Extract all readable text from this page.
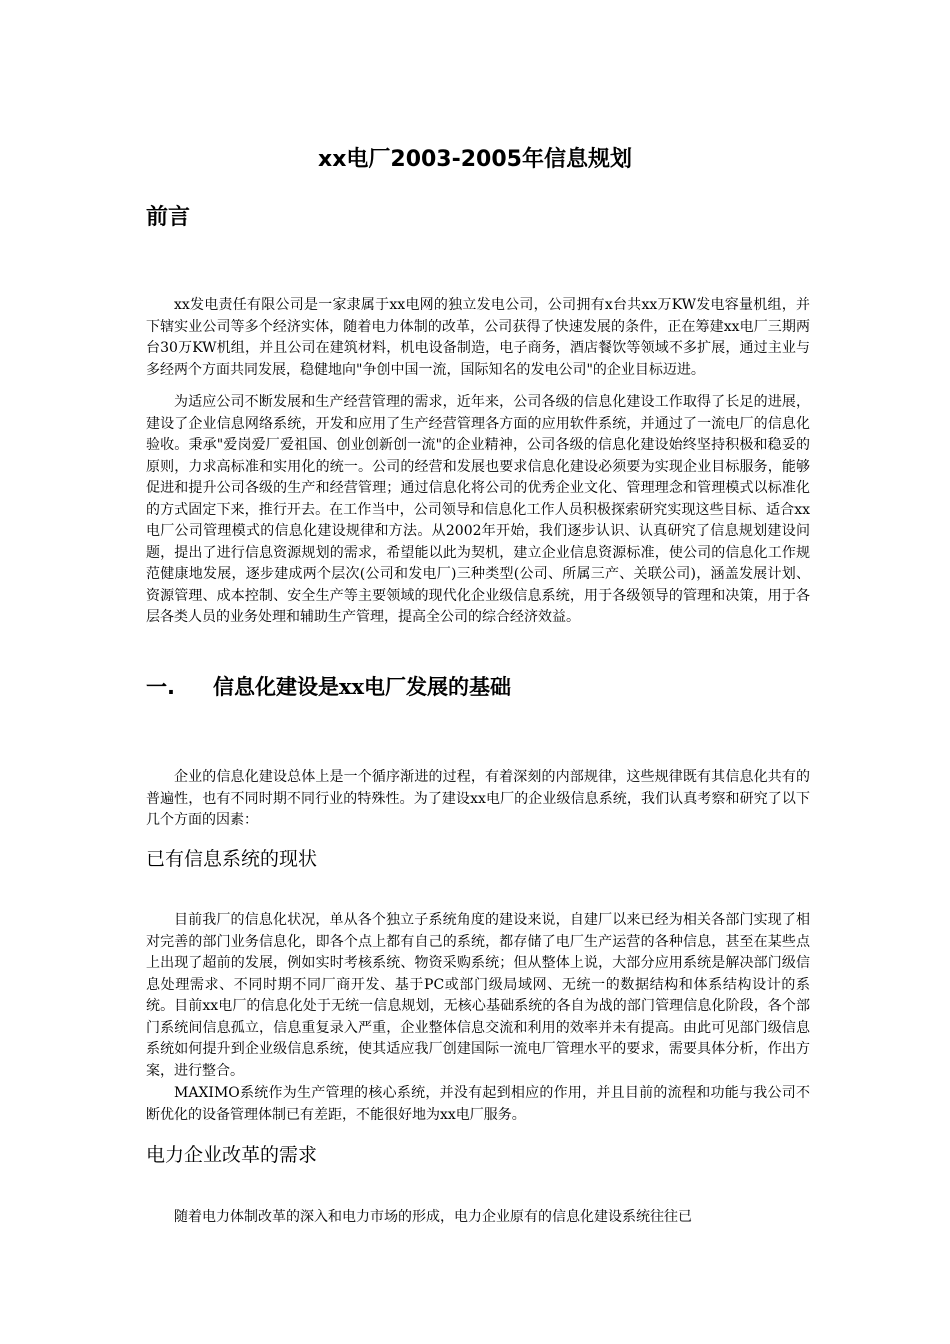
xx电厂2003-2005年信息规划
前言

xx发电责任有限公司是一家隶属于xx电网的独立发电公司，公司拥有x台共xx万KW发电容量机组，并下辖实业公司等多个经济实体，随着电力体制的改革，公司获得了快速发展的条件，正在筹建xx电厂三期两台30万KW机组，并且公司在建筑材料，机电设备制造，电子商务，酒店餐饮等领域不多扩展，通过主业与多经两个方面共同发展，稳健地向"争创中国一流，国际知名的发电公司"的企业目标迈进。

为适应公司不断发展和生产经营管理的需求，近年来，公司各级的信息化建设工作取得了长足的进展，建设了企业信息网络系统，开发和应用了生产经营管理各方面的应用软件系统，并通过了一流电厂的信息化验收。秉承"爱岗爱厂爱祖国、创业创新创一流"的企业精神，公司各级的信息化建设始终坚持积极和稳妥的原则，力求高标准和实用化的统一。公司的经营和发展也要求信息化建设必须要为实现企业目标服务，能够促进和提升公司各级的生产和经营管理；通过信息化将公司的优秀企业文化、管理理念和管理模式以标准化的方式固定下来，推行开去。在工作当中，公司领导和信息化工作人员积极探索研究实现这些目标、适合xx电厂公司管理模式的信息化建设规律和方法。从2002年开始，我们逐步认识、认真研究了信息规划建设问题，提出了进行信息资源规划的需求，希望能以此为契机，建立企业信息资源标准，使公司的信息化工作规范健康地发展，逐步建成两个层次(公司和发电厂)三种类型(公司、所属三产、关联公司)，涵盖发展计划、资源管理、成本控制、安全生产等主要领域的现代化企业级信息系统，用于各级领导的管理和决策，用于各层各类人员的业务处理和辅助生产管理，提高全公司的综合经济效益。

一. 信息化建设是xx电厂发展的基础

企业的信息化建设总体上是一个循序渐进的过程，有着深刻的内部规律，这些规律既有其信息化共有的普遍性，也有不同时期不同行业的特殊性。为了建设xx电厂的企业级信息系统，我们认真考察和研究了以下几个方面的因素：

已有信息系统的现状

目前我厂的信息化状况，单从各个独立子系统角度的建设来说，自建厂以来已经为相关各部门实现了相对完善的部门业务信息化，即各个点上都有自己的系统，都存储了电厂生产运营的各种信息，甚至在某些点上出现了超前的发展，例如实时考核系统、物资采购系统；但从整体上说，大部分应用系统是解决部门级信息处理需求、不同时期不同厂商开发、基于PC或部门级局域网、无统一的数据结构和体系结构设计的系统。目前xx电厂的信息化处于无统一信息规划，无核心基础系统的各自为战的部门管理信息化阶段，各个部门系统间信息孤立，信息重复录入严重，企业整体信息交流和利用的效率并未有提高。由此可见部门级信息系统如何提升到企业级信息系统，使其适应我厂创建国际一流电厂管理水平的要求，需要具体分析，作出方案，进行整合。

MAXIMO系统作为生产管理的核心系统，并没有起到相应的作用，并且目前的流程和功能与我公司不断优化的设备管理体制已有差距，不能很好地为xx电厂服务。

电力企业改革的需求

随着电力体制改革的深入和电力市场的形成，电力企业原有的信息化建设系统往往已
